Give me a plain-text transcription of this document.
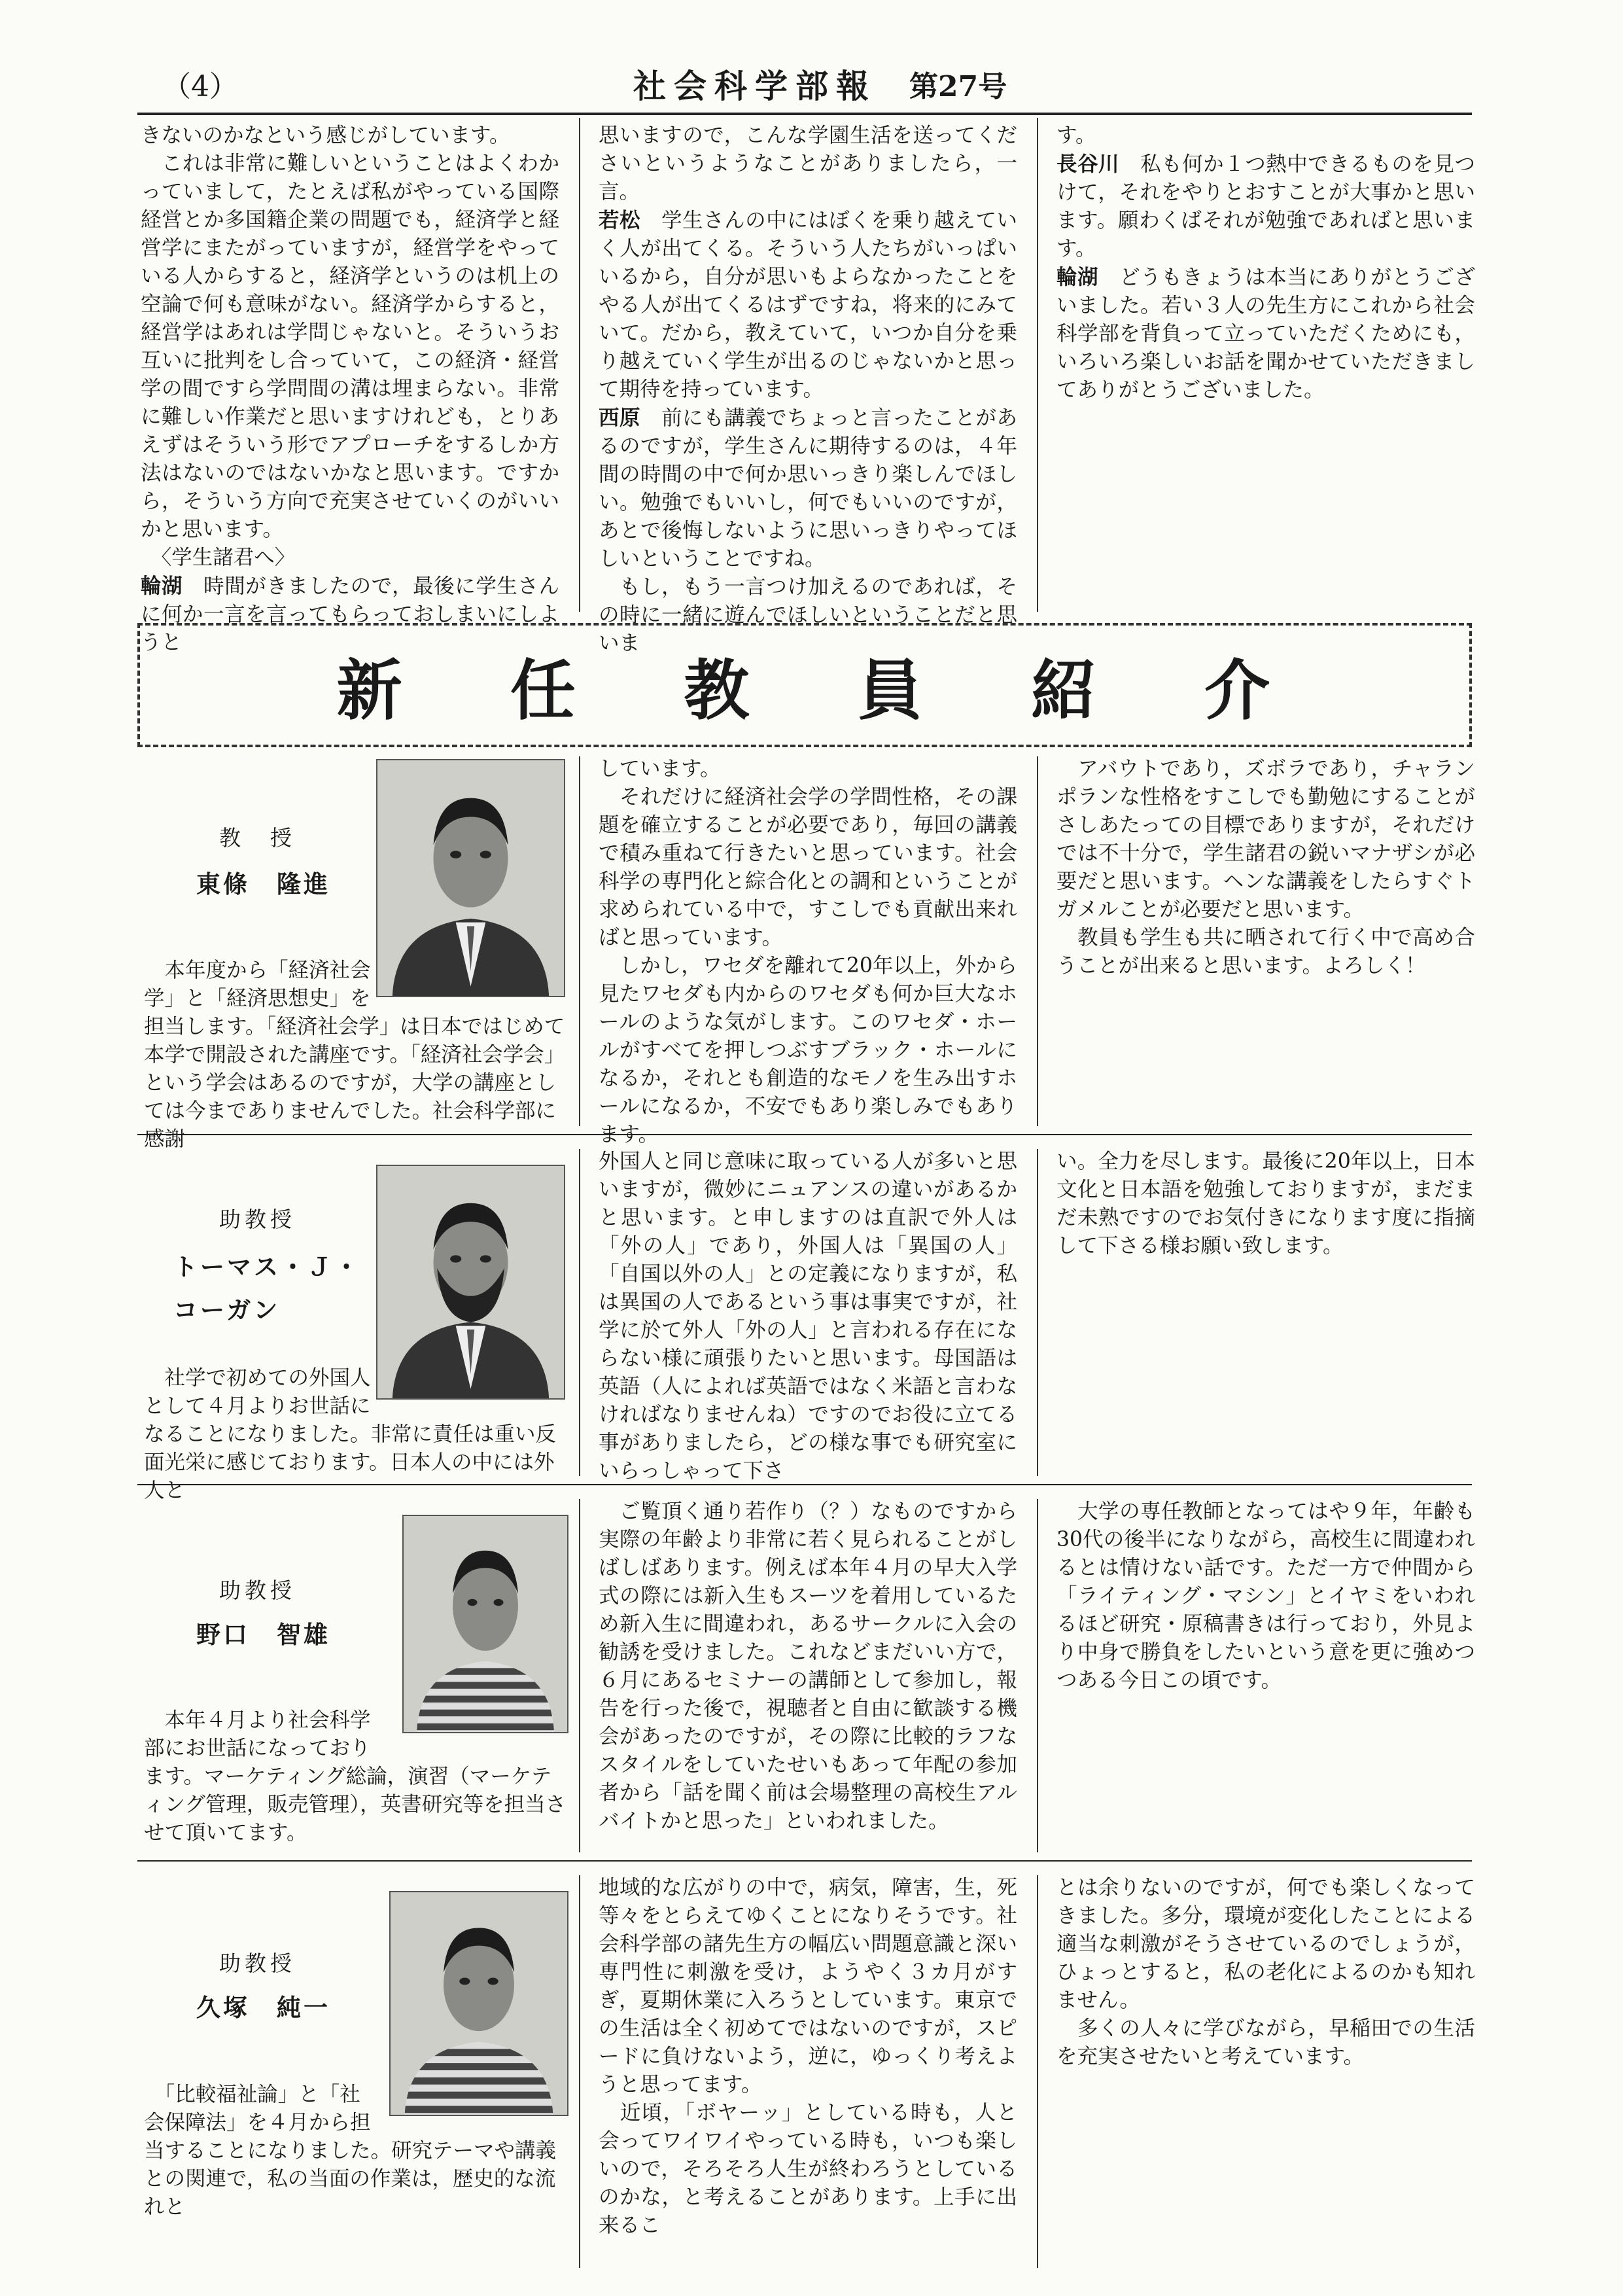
（4）	社会科学部報 第27号

きないのかなという感じがしています。

　これは非常に難しいということはよくわかっていまして，たとえば私がやっている国際経営とか多国籍企業の問題でも，経済学と経営学にまたがっていますが，経営学をやっている人からすると，経済学というのは机上の空論で何も意味がない。経済学からすると，経営学はあれは学問じゃないと。そういうお互いに批判をし合っていて，この経済・経営学の間ですら学問間の溝は埋まらない。非常に難しい作業だと思いますけれども，とりあえずはそういう形でアプローチをするしか方法はないのではないかなと思います。ですから，そういう方向で充実させていくのがいいかと思います。

　〈学生諸君へ〉

輪湖　時間がきましたので，最後に学生さんに何か一言を言ってもらっておしまいにしようと

思いますので，こんな学園生活を送ってくださいというようなことがありましたら，一言。

若松　学生さんの中にはぼくを乗り越えていく人が出てくる。そういう人たちがいっぱいいるから，自分が思いもよらなかったことをやる人が出てくるはずですね，将来的にみていて。だから，教えていて，いつか自分を乗り越えていく学生が出るのじゃないかと思って期待を持っています。

西原　前にも講義でちょっと言ったことがあるのですが，学生さんに期待するのは，４年間の時間の中で何か思いっきり楽しんでほしい。勉強でもいいし，何でもいいのですが，あとで後悔しないように思いっきりやってほしいということですね。

　もし，もう一言つけ加えるのであれば，その時に一緒に遊んでほしいということだと思いま

す。

長谷川　私も何か１つ熱中できるものを見つけて，それをやりとおすことが大事かと思います。願わくばそれが勉強であればと思います。

輪湖　どうもきょうは本当にありがとうございました。若い３人の先生方にこれから社会科学部を背負って立っていただくためにも，いろいろ楽しいお話を聞かせていただきましてありがとうございました。

新 任 教 員 紹 介
教　授
東條　隆進
　本年度から「経済社会
学」と「経済思想史」を
担当します。「経済社会学」は日本ではじめて本学で開設された講座です。「経済社会学会」という学会はあるのですが，大学の講座としては今までありませんでした。社会科学部に感謝
しています。
　それだけに経済社会学の学問性格，その課題を確立することが必要であり，毎回の講義で積み重ねて行きたいと思っています。社会科学の専門化と綜合化との調和ということが求められている中で，すこしでも貢献出来ればと思っています。
　しかし，ワセダを離れて20年以上，外から見たワセダも内からのワセダも何か巨大なホールのような気がします。このワセダ・ホールがすべてを押しつぶすブラック・ホールになるか，それとも創造的なモノを生み出すホールになるか，不安でもあり楽しみでもあります。
　アバウトであり，ズボラであり，チャランポランな性格をすこしでも勤勉にすることがさしあたっての目標でありますが，それだけでは不十分で，学生諸君の鋭いマナザシが必要だと思います。ヘンな講義をしたらすぐトガメルことが必要だと思います。
　教員も学生も共に晒されて行く中で高め合うことが出来ると思います。よろしく！
助教授
トーマス・Ｊ・
コーガン
　社学で初めての外国人
として４月よりお世話に
なることになりました。非常に責任は重い反面光栄に感じております。日本人の中には外人と
外国人と同じ意味に取っている人が多いと思いますが，微妙にニュアンスの違いがあるかと思います。と申しますのは直訳で外人は「外の人」であり，外国人は「異国の人」「自国以外の人」との定義になりますが，私は異国の人であるという事は事実ですが，社学に於て外人「外の人」と言われる存在にならない様に頑張りたいと思います。母国語は英語（人によれば英語ではなく米語と言わなければなりませんね）ですのでお役に立てる事がありましたら，どの様な事でも研究室にいらっしゃって下さ
い。全力を尽します。最後に20年以上，日本文化と日本語を勉強しておりますが，まだまだ未熟ですのでお気付きになります度に指摘して下さる様お願い致します。
助教授
野口　智雄
　本年４月より社会科学
部にお世話になっており
ます。マーケティング総論，演習（マーケティング管理，販売管理），英書研究等を担当させて頂いてます。
　ご覧頂く通り若作り（？）なものですから実際の年齢より非常に若く見られることがしばしばあります。例えば本年４月の早大入学式の際には新入生もスーツを着用しているため新入生に間違われ，あるサークルに入会の勧誘を受けました。これなどまだいい方で，６月にあるセミナーの講師として参加し，報告を行った後で，視聴者と自由に歓談する機会があったのですが，その際に比較的ラフなスタイルをしていたせいもあって年配の参加者から「話を聞く前は会場整理の高校生アルバイトかと思った」といわれました。
　大学の専任教師となってはや９年，年齢も30代の後半になりながら，高校生に間違われるとは情けない話です。ただ一方で仲間から「ライティング・マシン」とイヤミをいわれるほど研究・原稿書きは行っており，外見より中身で勝負をしたいという意を更に強めつつある今日この頃です。
助教授
久塚　純一
　「比較福祉論」と「社
会保障法」を４月から担
当することになりました。研究テーマや講義との関連で，私の当面の作業は，歴史的な流れと
地域的な広がりの中で，病気，障害，生，死等々をとらえてゆくことになりそうです。社会科学部の諸先生方の幅広い問題意識と深い専門性に刺激を受け，ようやく３カ月がすぎ，夏期休業に入ろうとしています。東京での生活は全く初めてではないのですが，スピードに負けないよう，逆に，ゆっくり考えようと思ってます。
　近頃，「ボヤーッ」としている時も，人と会ってワイワイやっている時も，いつも楽しいので，そろそろ人生が終わろうとしているのかな，と考えることがあります。上手に出来るこ
とは余りないのですが，何でも楽しくなってきました。多分，環境が変化したことによる適当な刺激がそうさせているのでしょうが，ひょっとすると，私の老化によるのかも知れません。
　多くの人々に学びながら，早稲田での生活を充実させたいと考えています。
